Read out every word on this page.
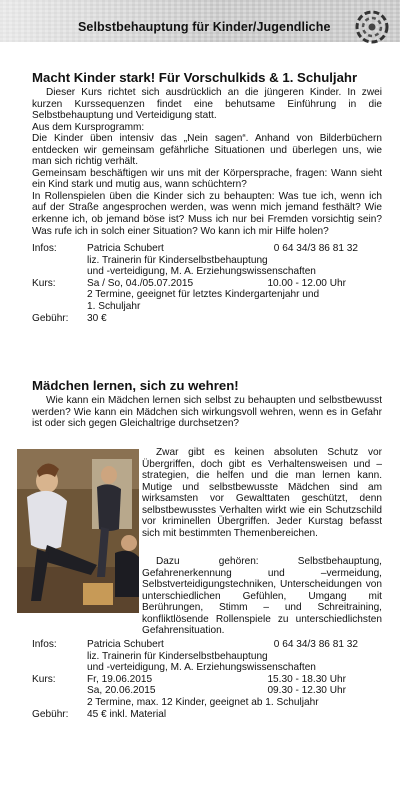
Selbstbehauptung für Kinder/Jugendliche
Macht Kinder stark! Für Vorschulkids & 1. Schuljahr

Dieser Kurs richtet sich ausdrücklich an die jüngeren Kinder. In zwei kurzen Kurssequenzen findet eine behutsame Einführung in die Selbstbehauptung und Verteidigung statt.

Aus dem Kursprogramm:

Die Kinder üben intensiv das „Nein sagen“. Anhand von Bilderbüchern entdecken wir gemeinsam gefährliche Situationen und überlegen uns, wie man sich richtig verhält.

Gemeinsam beschäftigen wir uns mit der Körpersprache, fragen: Wann sieht ein Kind stark und mutig aus, wann schüchtern?

In Rollenspielen üben die Kinder sich zu behaupten: Was tue ich, wenn ich auf der Straße angesprochen werden, was wenn mich jemand festhält? Wie erkenne ich, ob jemand böse ist? Muss ich nur bei Fremden vorsichtig sein? Was rufe ich in solch einer Situation? Wo kann ich mir Hilfe holen?

Infos:	Patricia Schubert	0 64 34/3 86 81 32
liz. Trainerin für Kinderselbstbehauptung
und -verteidigung, M. A. Erziehungswissenschaften
Kurs:	Sa / So, 04./05.07.2015	10.00 - 12.00 Uhr
2 Termine, geeignet für letztes Kindergartenjahr und
1. Schuljahr
Gebühr:	30 €
Mädchen lernen, sich zu wehren!

Wie kann ein Mädchen lernen sich selbst zu behaupten und selbstbewusst werden? Wie kann ein Mädchen sich wirkungsvoll wehren, wenn es in Gefahr ist oder sich gegen Gleichaltrige durchsetzen?

Zwar gibt es keinen absoluten Schutz vor Übergriffen, doch gibt es Verhaltensweisen und –strategien, die helfen und die man lernen kann. Mutige und selbstbewusste Mädchen sind am wirksamsten vor Gewalttaten geschützt, denn selbstbewusstes Verhalten wirkt wie ein Schutzschild vor kriminellen Übergriffen. Jeder Kurstag befasst sich mit bestimmten Themenbereichen.

Dazu gehören: Selbstbehauptung, Gefahrenerkennung und –vermeidung, Selbstverteidigungstechniken, Unterscheidungen von unterschiedlichen Gefühlen, Umgang mit Berührungen, Stimm – und Schreitraining, konfliktlösende Rollenspiele zu unterschiedlichsten Gefahrensituation.

Infos:	Patricia Schubert	0 64 34/3 86 81 32
liz. Trainerin für Kinderselbstbehauptung
und -verteidigung, M. A. Erziehungswissenschaften
Kurs:	Fr, 19.06.2015	15.30 - 18.30 Uhr
Sa, 20.06.2015	09.30 - 12.30 Uhr
2 Termine, max. 12 Kinder, geeignet ab 1. Schuljahr
Gebühr:	45 € inkl. Material
